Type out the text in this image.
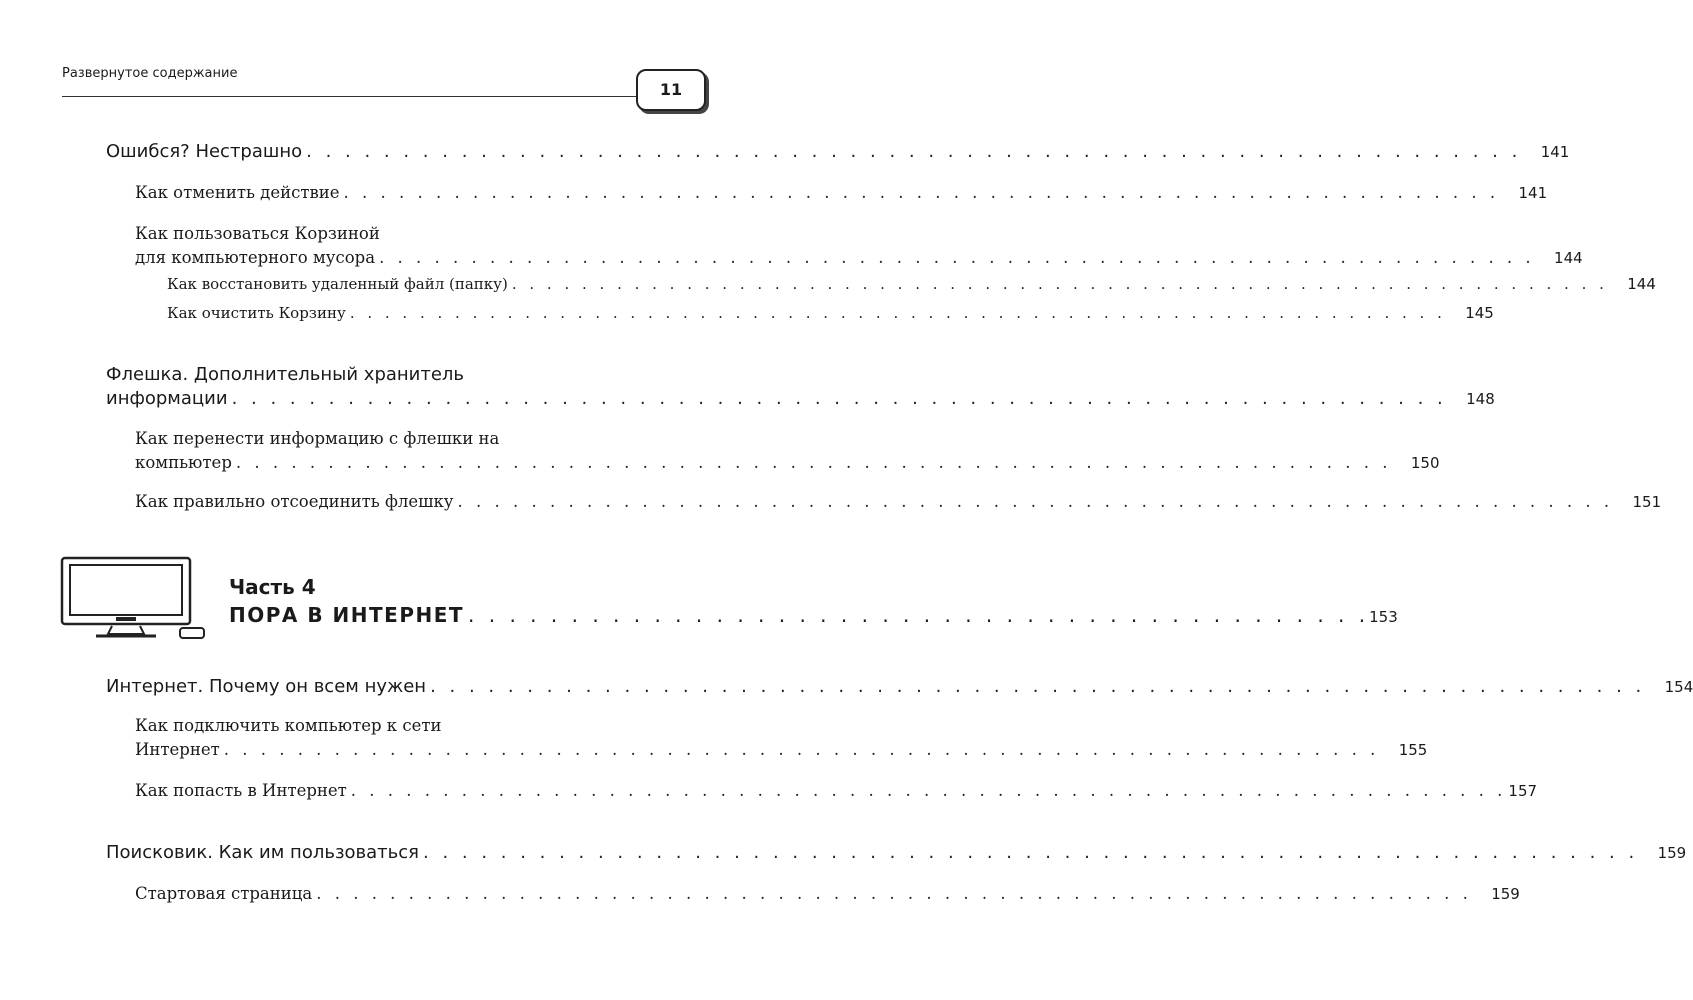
Развернутое содержание
11
Ошибся? Нестрашно . . . . . . . . . . . . . . . . . . . . . . . . . . . . . . . . . . . . . . . . . . . . . . . . . . . . . . . . . . . . . . .	141
Как отменить действие . . . . . . . . . . . . . . . . . . . . . . . . . . . . . . . . . . . . . . . . . . . . . . . . . . . . . . . . . . . . . . .	141
Как пользоваться Корзиной
для компьютерного мусора . . . . . . . . . . . . . . . . . . . . . . . . . . . . . . . . . . . . . . . . . . . . . . . . . . . . . . . . . . . . . . .	144
Как восстановить удаленный файл (папку) . . . . . . . . . . . . . . . . . . . . . . . . . . . . . . . . . . . . . . . . . . . . . . . . . . . . . . . . . . . . . . .	144
Как очистить Корзину . . . . . . . . . . . . . . . . . . . . . . . . . . . . . . . . . . . . . . . . . . . . . . . . . . . . . . . . . . . . . . .	145
Флешка. Дополнительный хранитель
информации . . . . . . . . . . . . . . . . . . . . . . . . . . . . . . . . . . . . . . . . . . . . . . . . . . . . . . . . . . . . . . .	148
Как перенести информацию с флешки на
компьютер . . . . . . . . . . . . . . . . . . . . . . . . . . . . . . . . . . . . . . . . . . . . . . . . . . . . . . . . . . . . . . .	150
Как правильно отсоединить флешку . . . . . . . . . . . . . . . . . . . . . . . . . . . . . . . . . . . . . . . . . . . . . . . . . . . . . . . . . . . . . . .	151
Часть 4
ПОРА В ИНТЕРНЕТ . . . . . . . . . . . . . . . . . . . . . . . . . . . . . . . . . . . . . . . . . . . . 153
Интернет. Почему он всем нужен . . . . . . . . . . . . . . . . . . . . . . . . . . . . . . . . . . . . . . . . . . . . . . . . . . . . . . . . . . . . . . .	154
Как подключить компьютер к сети
Интернет . . . . . . . . . . . . . . . . . . . . . . . . . . . . . . . . . . . . . . . . . . . . . . . . . . . . . . . . . . . . . . .	155
Как попасть в Интернет . . . . . . . . . . . . . . . . . . . . . . . . . . . . . . . . . . . . . . . . . . . . . . . . . . . . . . . . . . . . . . . 157
Поисковик. Как им пользоваться . . . . . . . . . . . . . . . . . . . . . . . . . . . . . . . . . . . . . . . . . . . . . . . . . . . . . . . . . . . . . . .	159
Стартовая страница . . . . . . . . . . . . . . . . . . . . . . . . . . . . . . . . . . . . . . . . . . . . . . . . . . . . . . . . . . . . . . .	159
